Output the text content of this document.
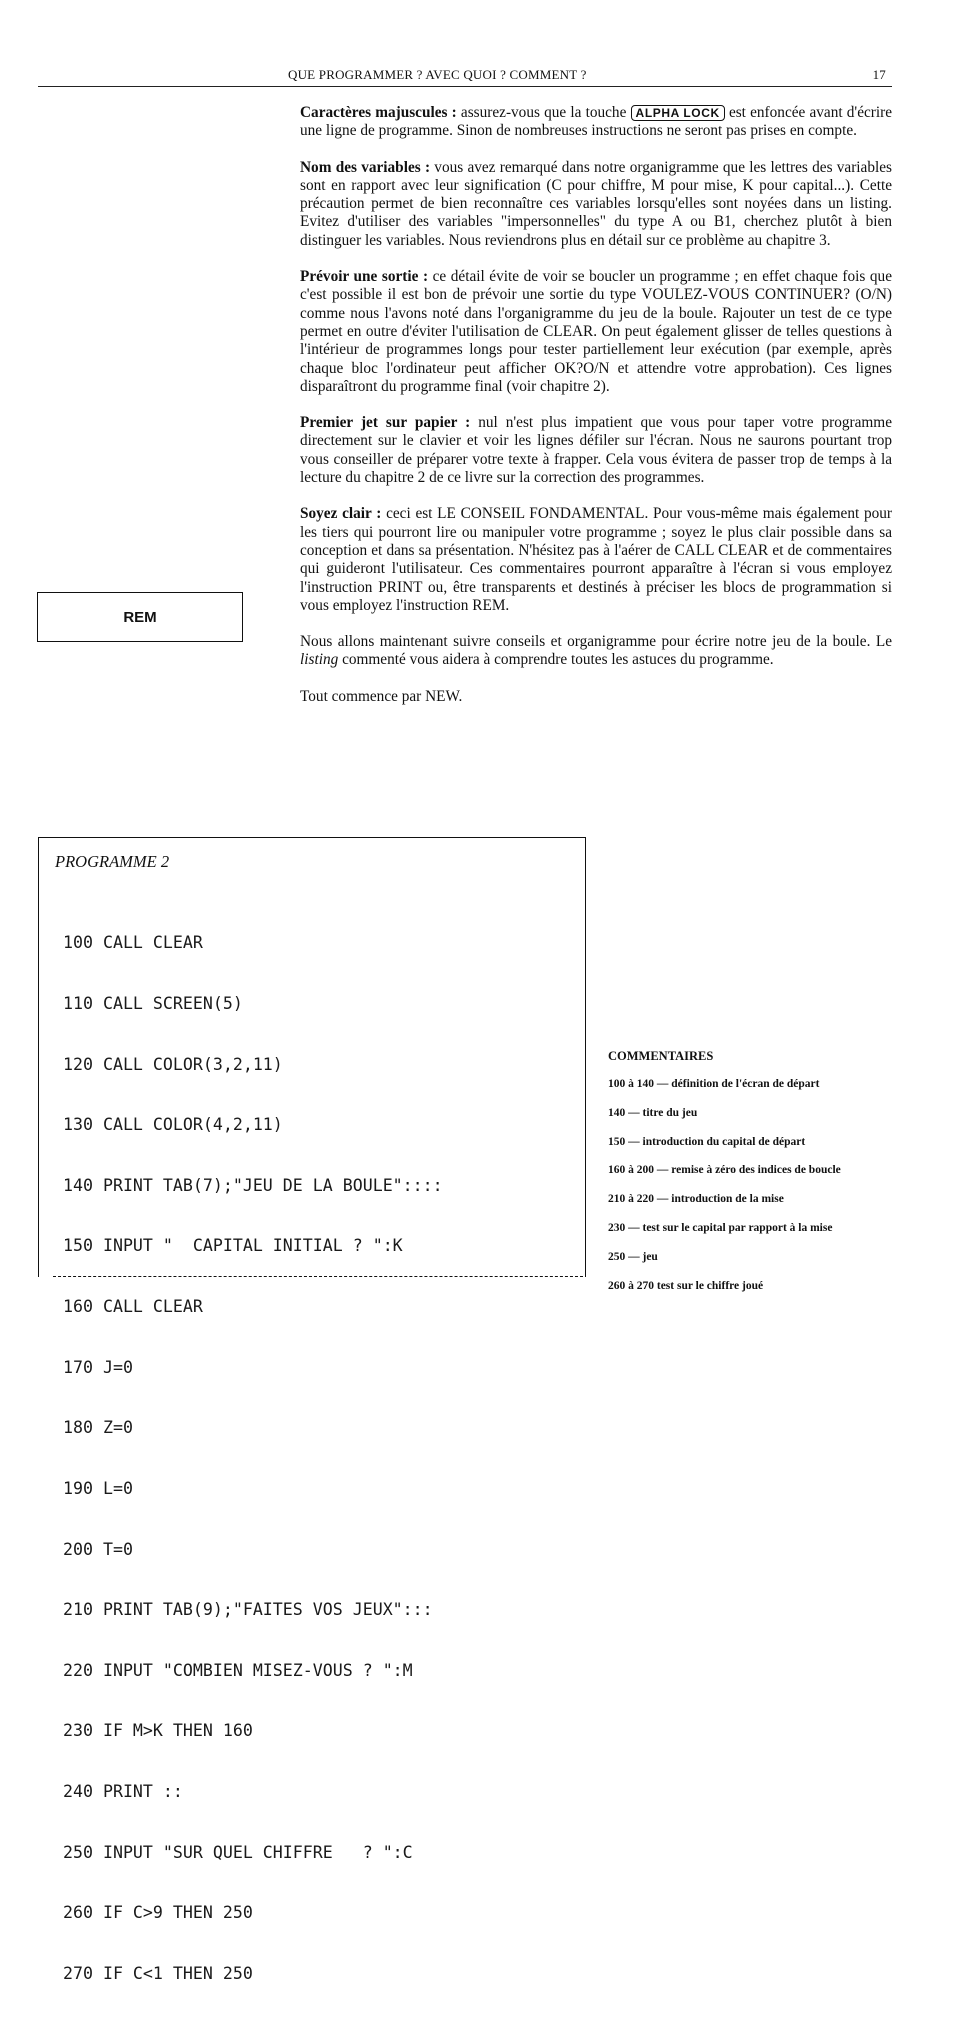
QUE PROGRAMMER ? AVEC QUOI ? COMMENT ?	17

Caractères majuscules : assurez-vous que la touche ALPHA LOCK est enfoncée avant d'écrire une ligne de programme. Sinon de nombreuses instructions ne seront pas prises en compte.

Nom des variables : vous avez remarqué dans notre organigramme que les lettres des variables sont en rapport avec leur signification (C pour chiffre, M pour mise, K pour capital...). Cette précaution permet de bien reconnaître ces variables lorsqu'elles sont noyées dans un listing. Evitez d'utiliser des variables "impersonnelles" du type A ou B1, cherchez plutôt à bien distinguer les variables. Nous reviendrons plus en détail sur ce problème au chapitre 3.

Prévoir une sortie : ce détail évite de voir se boucler un programme ; en effet chaque fois que c'est possible il est bon de prévoir une sortie du type VOULEZ-VOUS CONTINUER? (O/N) comme nous l'avons noté dans l'organigramme du jeu de la boule. Rajouter un test de ce type permet en outre d'éviter l'utilisation de CLEAR. On peut également glisser de telles questions à l'intérieur de programmes longs pour tester partiellement leur exécution (par exemple, après chaque bloc l'ordinateur peut afficher OK?O/N et attendre votre approbation). Ces lignes disparaîtront du programme final (voir chapitre 2).

Premier jet sur papier : nul n'est plus impatient que vous pour taper votre programme directement sur le clavier et voir les lignes défiler sur l'écran. Nous ne saurons pourtant trop vous conseiller de préparer votre texte à frapper. Cela vous évitera de passer trop de temps à la lecture du chapitre 2 de ce livre sur la correction des programmes.

Soyez clair : ceci est LE CONSEIL FONDAMENTAL. Pour vous-même mais également pour les tiers qui pourront lire ou manipuler votre programme ; soyez le plus clair possible dans sa conception et dans sa présentation. N'hésitez pas à l'aérer de CALL CLEAR et de commentaires qui guideront l'utilisateur. Ces commentaires pourront apparaître à l'écran si vous employez l'instruction PRINT ou, être transparents et destinés à préciser les blocs de programmation si vous employez l'instruction REM.

Nous allons maintenant suivre conseils et organigramme pour écrire notre jeu de la boule. Le listing commenté vous aidera à comprendre toutes les astuces du programme.

Tout commence par NEW.

REM
PROGRAMME 2

100 CALL CLEAR

110 CALL SCREEN(5)

120 CALL COLOR(3,2,11)

130 CALL COLOR(4,2,11)

140 PRINT TAB(7);"JEU DE LA BOULE"::::

150 INPUT "  CAPITAL INITIAL ? ":K

160 CALL CLEAR

170 J=0

180 Z=0

190 L=0

200 T=0

210 PRINT TAB(9);"FAITES VOS JEUX":::

220 INPUT "COMBIEN MISEZ-VOUS ? ":M

230 IF M>K THEN 160

240 PRINT ::

250 INPUT "SUR QUEL CHIFFRE   ? ":C

260 IF C>9 THEN 250

270 IF C<1 THEN 250

COMMENTAIRES
100 à 140 — définition de l'écran de départ
140 — titre du jeu
150 — introduction du capital de départ
160 à 200 — remise à zéro des indices de boucle
210 à 220 — introduction de la mise
230 — test sur le capital par rapport à la mise
250 — jeu
260 à 270 test sur le chiffre joué
